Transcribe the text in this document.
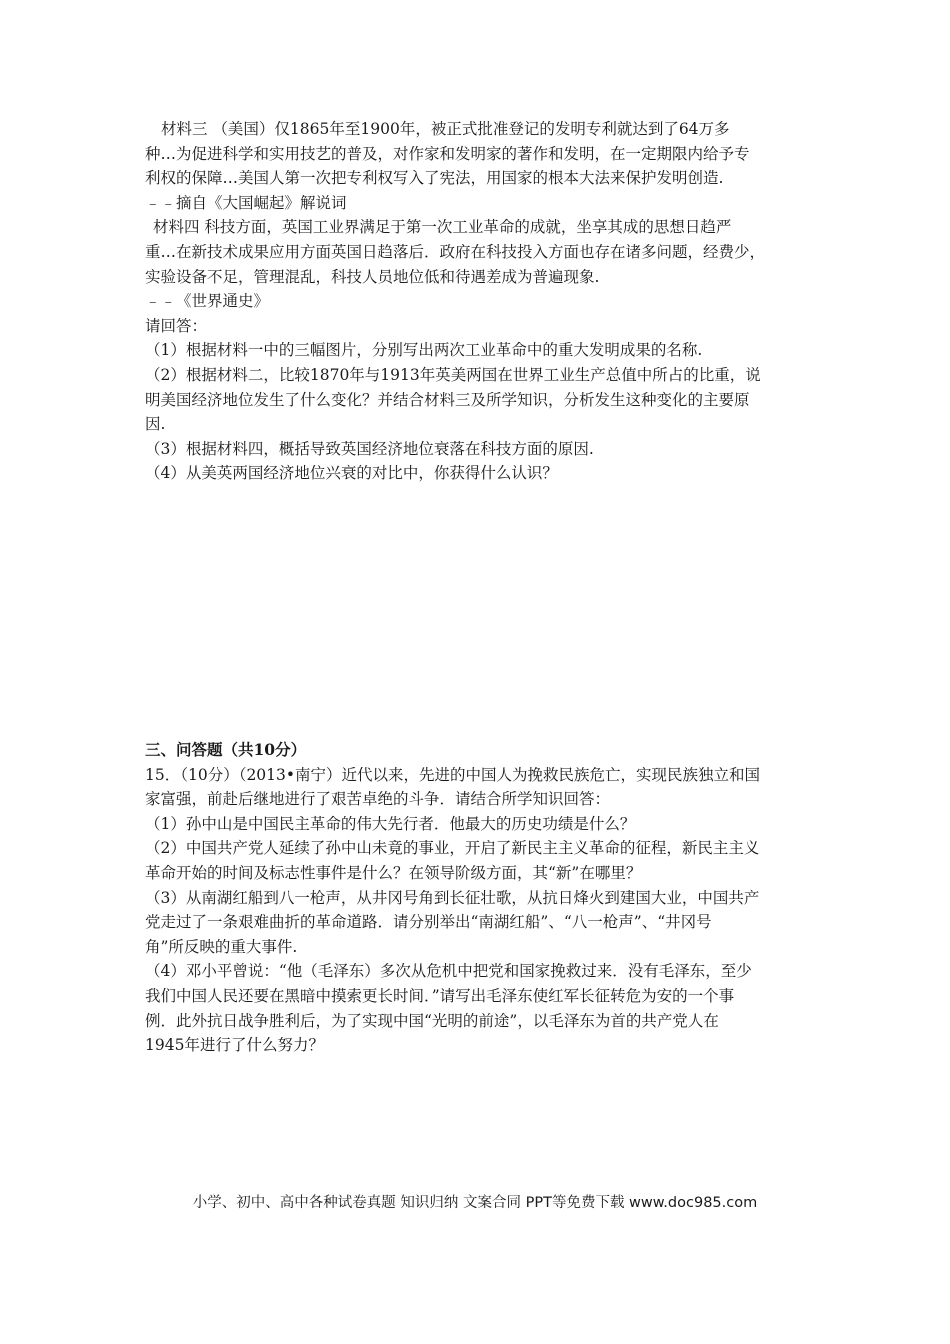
材料三 （美国）仅1865年至1900年，被正式批准登记的发明专利就达到了64万多
种…为促进科学和实用技艺的普及，对作家和发明家的著作和发明，在一定期限内给予专
利权的保障…美国人第一次把专利权写入了宪法，用国家的根本大法来保护发明创造.
﹣﹣摘自《大国崛起》解说词
材料四 科技方面，英国工业界满足于第一次工业革命的成就，坐享其成的思想日趋严
重…在新技术成果应用方面英国日趋落后．政府在科技投入方面也存在诸多问题，经费少，
实验设备不足，管理混乱，科技人员地位低和待遇差成为普遍现象.
﹣﹣《世界通史》
请回答：
（1）根据材料一中的三幅图片，分别写出两次工业革命中的重大发明成果的名称.
（2）根据材料二，比较1870年与1913年英美两国在世界工业生产总值中所占的比重，说
明美国经济地位发生了什么变化？并结合材料三及所学知识，分析发生这种变化的主要原
因.
（3）根据材料四，概括导致英国经济地位衰落在科技方面的原因.
（4）从美英两国经济地位兴衰的对比中，你获得什么认识？
三、问答题（共10分）
15．（10分）（2013•南宁）近代以来，先进的中国人为挽救民族危亡，实现民族独立和国
家富强，前赴后继地进行了艰苦卓绝的斗争．请结合所学知识回答：
（1）孙中山是中国民主革命的伟大先行者．他最大的历史功绩是什么？
（2）中国共产党人延续了孙中山未竟的事业，开启了新民主主义革命的征程，新民主主义
革命开始的时间及标志性事件是什么？在领导阶级方面，其“新”在哪里？
（3）从南湖红船到八一枪声，从井冈号角到长征壮歌，从抗日烽火到建国大业，中国共产
党走过了一条艰难曲折的革命道路．请分别举出“南湖红船”、“八一枪声”、“井冈号
角”所反映的重大事件.
（4）邓小平曾说：“他（毛泽东）多次从危机中把党和国家挽救过来．没有毛泽东，至少
我们中国人民还要在黑暗中摸索更长时间．”请写出毛泽东使红军长征转危为安的一个事
例．此外抗日战争胜利后，为了实现中国“光明的前途”，以毛泽东为首的共产党人在
1945年进行了什么努力？
小学、初中、高中各种试卷真题 知识归纳 文案合同 PPT等免费下载 www.doc985.com
